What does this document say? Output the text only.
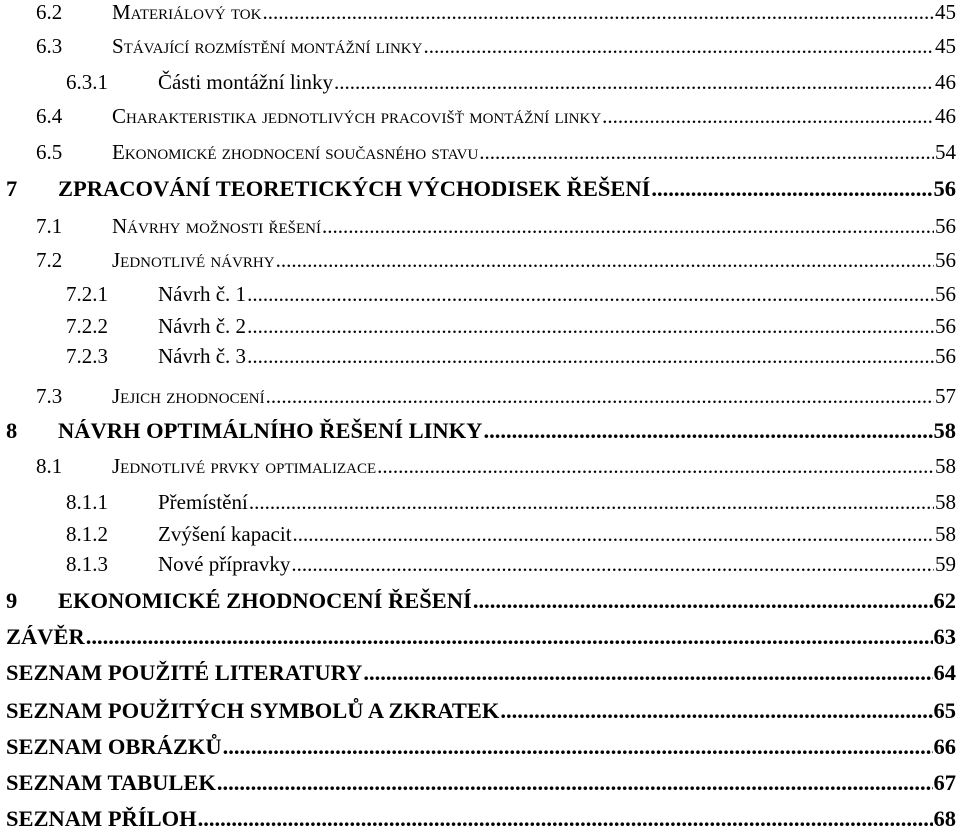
6.2	Materiálový tok .....	45
6.3	Stávající rozmístění montážní linky .....	45
6.3.1	Části montážní linky .....	46
6.4	Charakteristika jednotlivých pracovišť montážní linky .....	46
6.5	Ekonomické zhodnocení současného stavu .....	54
7	ZPRACOVÁNÍ TEORETICKÝCH VÝCHODISEK ŘEŠENÍ .....	56
7.1	Návrhy možnosti řešení .....	56
7.2	Jednotlivé návrhy .....	56
7.2.1	Návrh č. 1 .....	56
7.2.2	Návrh č. 2 .....	56
7.2.3	Návrh č. 3 .....	56
7.3	Jejich zhodnocení .....	57
8	NÁVRH OPTIMÁLNÍHO ŘEŠENÍ LINKY .....	58
8.1	Jednotlivé prvky optimalizace .....	58
8.1.1	Přemístění .....	58
8.1.2	Zvýšení kapacit .....	58
8.1.3	Nové přípravky .....	59
9	EKONOMICKÉ ZHODNOCENÍ ŘEŠENÍ .....	62
ZÁVĚR .....	63
SEZNAM POUŽITÉ LITERATURY .....	64
SEZNAM POUŽITÝCH SYMBOLŮ A ZKRATEK .....	65
SEZNAM OBRÁZKŮ .....	66
SEZNAM TABULEK .....	67
SEZNAM PŘÍLOH .....	68
